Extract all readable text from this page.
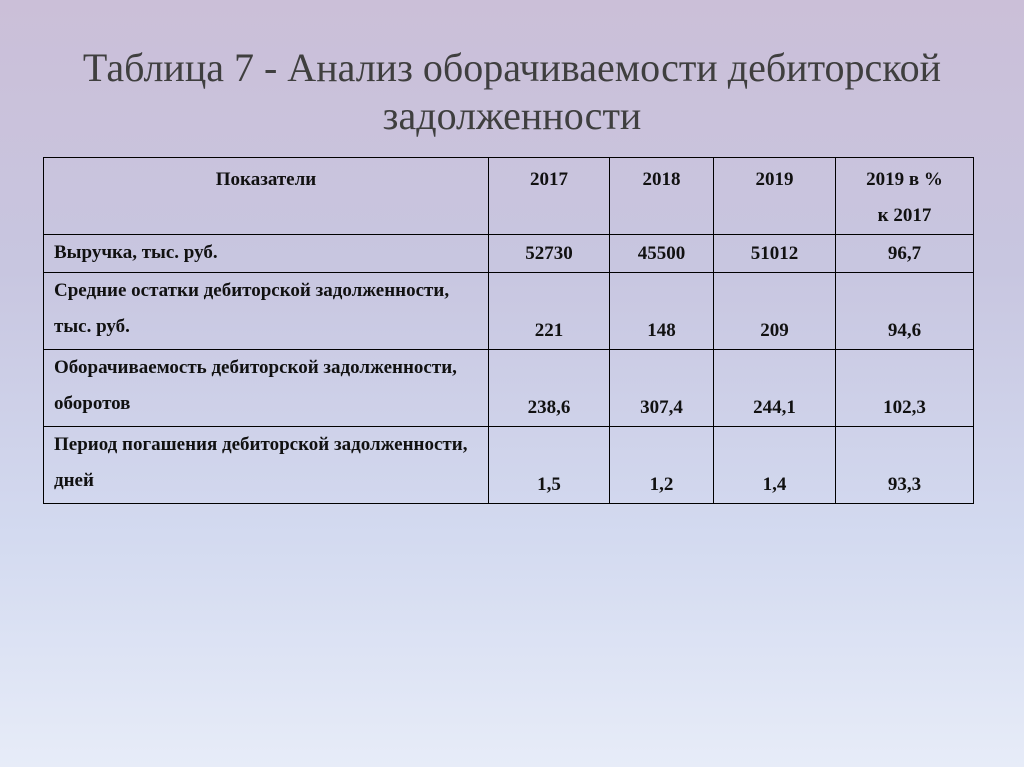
Таблица 7 - Анализ оборачиваемости дебиторской
задолженности
Показатели	2017	2018	2019	2019 в %
к 2017
Выручка, тыс. руб.	52730	45500	51012	96,7
Средние остатки дебиторской задолженности, тыс. руб.	221	148	209	94,6
Оборачиваемость дебиторской задолженности, оборотов	238,6	307,4	244,1	102,3
Период погашения дебиторской задолженности, дней	1,5	1,2	1,4	93,3
